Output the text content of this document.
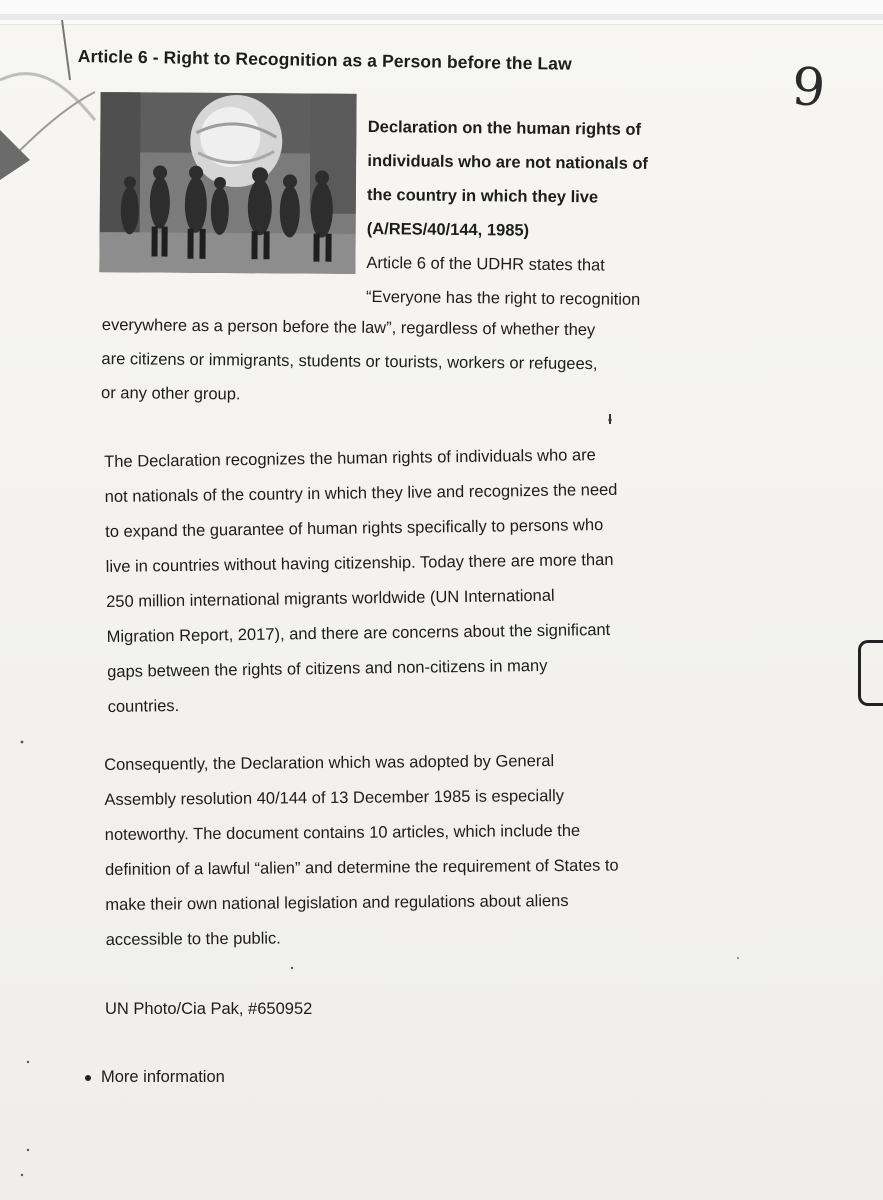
9
Article 6 - Right to Recognition as a Person before the Law
Declaration on the human rights of
individuals who are not nationals of
the country in which they live
(A/RES/40/144, 1985)
Article 6 of the UDHR states that
“Everyone has the right to recognition
everywhere as a person before the law”, regardless of whether they
are citizens or immigrants, students or tourists, workers or refugees,
or any other group.
The Declaration recognizes the human rights of individuals who are
not nationals of the country in which they live and recognizes the need
to expand the guarantee of human rights specifically to persons who
live in countries without having citizenship. Today there are more than
250 million international migrants worldwide (UN International
Migration Report, 2017), and there are concerns about the significant
gaps between the rights of citizens and non-citizens in many
countries.
Consequently, the Declaration which was adopted by General
Assembly resolution 40/144 of 13 December 1985 is especially
noteworthy. The document contains 10 articles, which include the
definition of a lawful “alien” and determine the requirement of States to
make their own national legislation and regulations about aliens
accessible to the public.
UN Photo/Cia Pak, #650952
More information
